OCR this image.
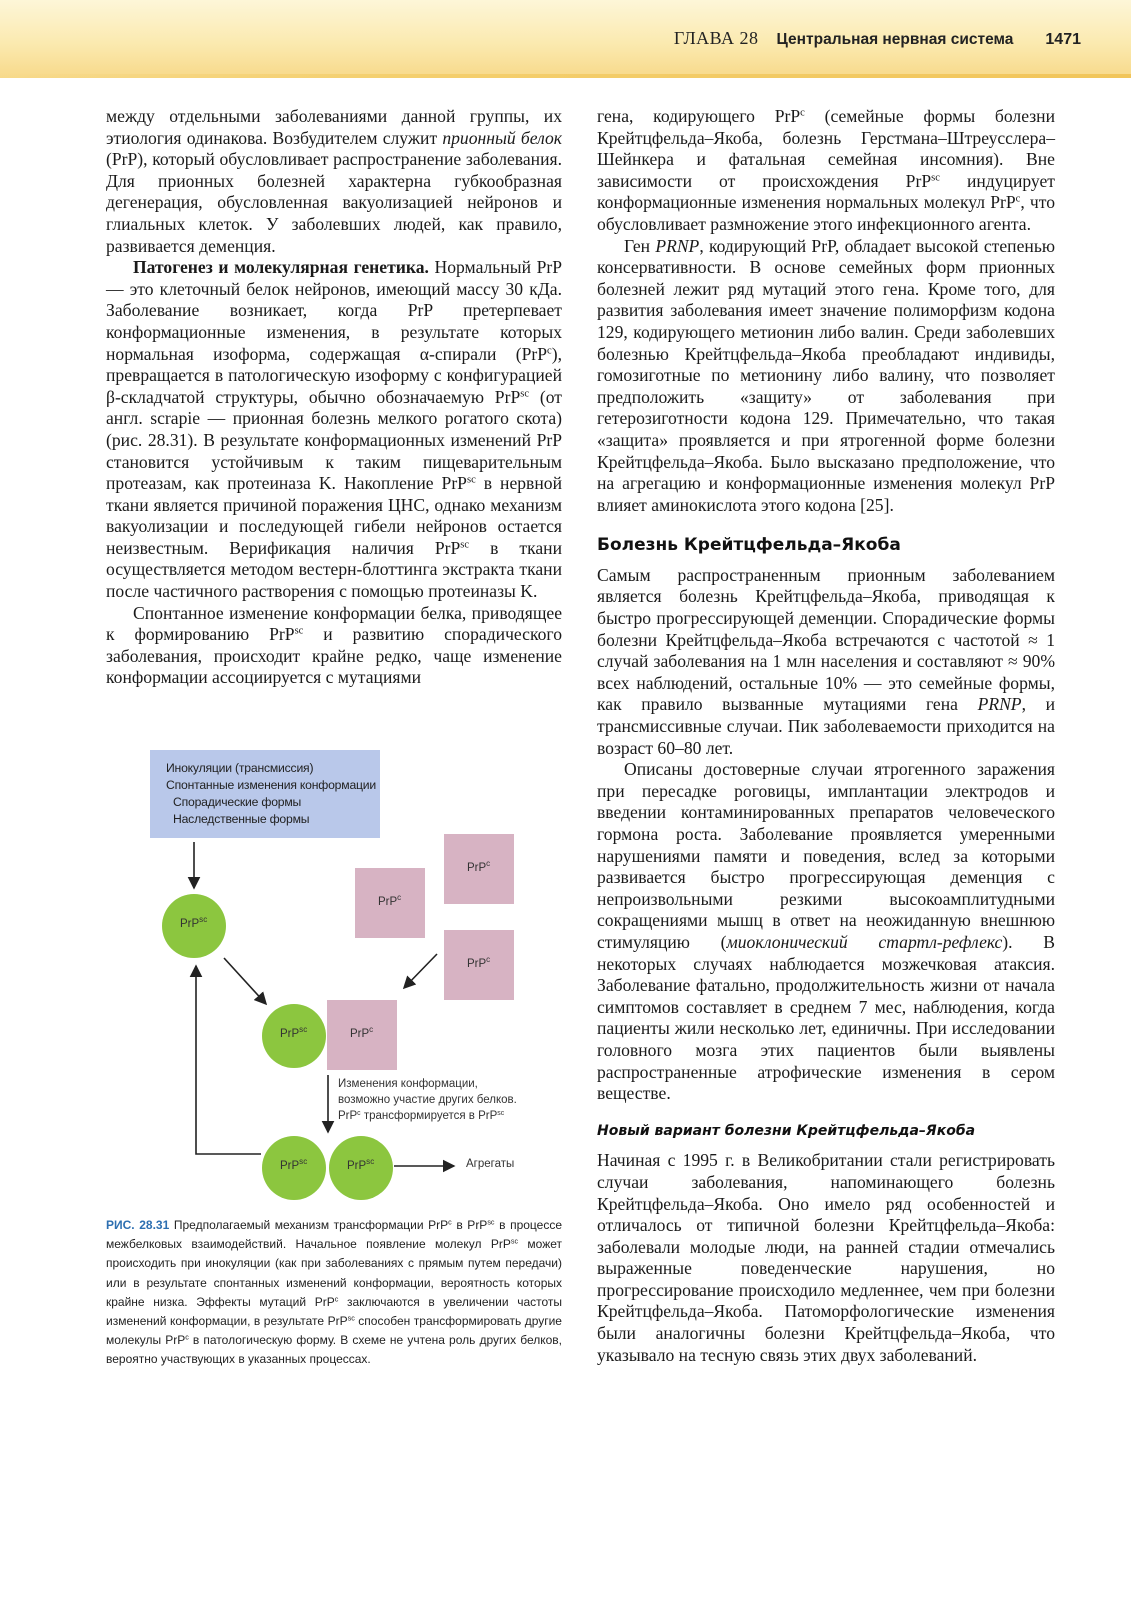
ГЛАВА 28 Центральная нервная система 1471

между отдельными заболеваниями данной группы, их этиология одинакова. Возбудителем служит прионный белок (PrP), который обусловливает распространение заболевания. Для прионных болезней характерна губкообразная дегенерация, обусловленная вакуолизацией нейронов и глиальных клеток. У заболевших людей, как правило, развивается деменция.

Патогенез и молекулярная генетика. Нормальный PrP — это клеточный белок нейронов, имеющий массу 30 кДа. Заболевание возникает, когда PrP претерпевает конформационные изменения, в результате которых нормальная изоформа, содержащая α-спирали (PrP$^c$), превращается в патологическую изоформу с конфигурацией β-складчатой структуры, обычно обозначаемую PrP$^{sc}$ (от англ. scrapie — прионная болезнь мелкого рогатого скота) (рис. 28.31). В результате конформационных изменений PrP становится устойчивым к таким пищеварительным протеазам, как протеиназа K. Накопление PrP$^{sc}$ в нервной ткани является причиной поражения ЦНС, однако механизм вакуолизации и последующей гибели нейронов остается неизвестным. Верификация наличия PrP$^{sc}$ в ткани осуществляется методом вестерн-блоттинга экстракта ткани после частичного растворения с помощью протеиназы K.

Спонтанное изменение конформации белка, приводящее к формированию PrP$^{sc}$ и развитию спорадического заболевания, происходит крайне редко, чаще изменение конформации ассоциируется с мутациями

Инокуляции (трансмиссия)
Спонтанные изменения конформации
Спорадические формы
Наследственные формы
PrP$^{sc}$
PrP$^{sc}$
PrP$^{sc}$	PrP$^{sc}$
PrP$^c$
PrP$^c$
PrP$^c$
PrP$^c$
Изменения конформации,
возможно участие других белков.
PrP$^c$ трансформируется в PrP$^{sc}$
Агрегаты
РИС. 28.31 Предполагаемый механизм трансформации PrP$^c$ в PrP$^{sc}$ в процессе межбелковых взаимодействий. Начальное появление молекул PrP$^{sc}$ может происходить при инокуляции (как при заболеваниях с прямым путем передачи) или в результате спонтанных изменений конформации, вероятность которых крайне низка. Эффекты мутаций PrP$^c$ заключаются в увеличении частоты изменений конформации, в результате PrP$^{sc}$ способен трансформировать другие молекулы PrP$^c$ в патологическую форму. В схеме не учтена роль других белков, вероятно участвующих в указанных процессах.

гена, кодирующего PrP$^c$ (семейные формы болезни Крейтцфельда–Якоба, болезнь Герстмана–Штреусслера–Шейнкера и фатальная семейная инсомния). Вне зависимости от происхождения PrP$^{sc}$ индуцирует конформационные изменения нормальных молекул PrP$^c$, что обусловливает размножение этого инфекционного агента.

Ген PRNP, кодирующий PrP, обладает высокой степенью консервативности. В основе семейных форм прионных болезней лежит ряд мутаций этого гена. Кроме того, для развития заболевания имеет значение полиморфизм кодона 129, кодирующего метионин либо валин. Среди заболевших болезнью Крейтцфельда–Якоба преобладают индивиды, гомозиготные по метионину либо валину, что позволяет предположить «защиту» от заболевания при гетерозиготности кодона 129. Примечательно, что такая «защита» проявляется и при ятрогенной форме болезни Крейтцфельда–Якоба. Было высказано предположение, что на агрегацию и конформационные изменения молекул PrP влияет аминокислота этого кодона [25].

Болезнь Крейтцфельда–Якоба

Самым распространенным прионным заболеванием является болезнь Крейтцфельда–Якоба, приводящая к быстро прогрессирующей деменции. Спорадические формы болезни Крейтцфельда–Якоба встречаются с частотой ≈ 1 случай заболевания на 1 млн населения и составляют ≈ 90% всех наблюдений, остальные 10% — это семейные формы, как правило вызванные мутациями гена PRNP, и трансмиссивные случаи. Пик заболеваемости приходится на возраст 60–80 лет.

Описаны достоверные случаи ятрогенного заражения при пересадке роговицы, имплантации электродов и введении контаминированных препаратов человеческого гормона роста. Заболевание проявляется умеренными нарушениями памяти и поведения, вслед за которыми развивается быстро прогрессирующая деменция с непроизвольными резкими высокоамплитудными сокращениями мышц в ответ на неожиданную внешнюю стимуляцию (миоклонический стартл-рефлекс). В некоторых случаях наблюдается мозжечковая атаксия. Заболевание фатально, продолжительность жизни от начала симптомов составляет в среднем 7 мес, наблюдения, когда пациенты жили несколько лет, единичны. При исследовании головного мозга этих пациентов были выявлены распространенные атрофические изменения в сером веществе.

Новый вариант болезни Крейтцфельда–Якоба

Начиная с 1995 г. в Великобритании стали регистрировать случаи заболевания, напоминающего болезнь Крейтцфельда–Якоба. Оно имело ряд особенностей и отличалось от типичной болезни Крейтцфельда–Якоба: заболевали молодые люди, на ранней стадии отмечались выраженные поведенческие нарушения, но прогрессирование происходило медленнее, чем при болезни Крейтцфельда–Якоба. Патоморфологические изменения были аналогичны болезни Крейтцфельда–Якоба, что указывало на тесную связь этих двух заболеваний.
